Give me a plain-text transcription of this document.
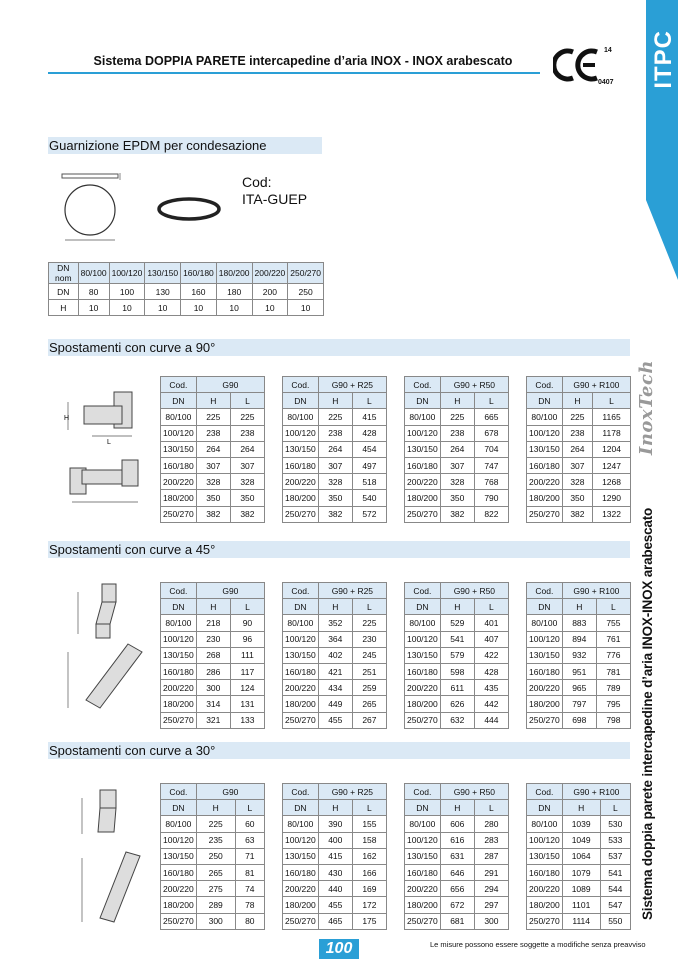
Sistema DOPPIA PARETE intercapedine d’aria INOX - INOX arabescato
14
0407 ITPC
InoxTech
Sistema doppia parete intercapedine d’aria INOX-INOX arabescato
Guarnizione EPDM per condesazione
Cod:
ITA-GUEP
DN nom	80/100	100/120	130/150	160/180	180/200	200/220	250/270
DN	80	100	130	160	180	200	250
H	10	10	10	10	10	10	10
Spostamenti con curve a 90°
Spostamenti con curve a 45°
Spostamenti con curve a 30°
H
L
Cod.	G90	
DN	H	L
80/100	225	225
100/120	238	238
130/150	264	264
160/180	307	307
200/220	328	328
180/200	350	350
250/270	382	382
Cod.	G90 + R25	
DN	H	L
80/100	225	415
100/120	238	428
130/150	264	454
160/180	307	497
200/220	328	518
180/200	350	540
250/270	382	572
Cod.	G90 + R50	
DN	H	L
80/100	225	665
100/120	238	678
130/150	264	704
160/180	307	747
200/220	328	768
180/200	350	790
250/270	382	822
Cod.	G90 + R100	
DN	H	L
80/100	225	1165
100/120	238	1178
130/150	264	1204
160/180	307	1247
200/220	328	1268
180/200	350	1290
250/270	382	1322
Cod.	G90	
DN	H	L
80/100	218	90
100/120	230	96
130/150	268	111
160/180	286	117
200/220	300	124
180/200	314	131
250/270	321	133
Cod.	G90 + R25	
DN	H	L
80/100	352	225
100/120	364	230
130/150	402	245
160/180	421	251
200/220	434	259
180/200	449	265
250/270	455	267
Cod.	G90 + R50	
DN	H	L
80/100	529	401
100/120	541	407
130/150	579	422
160/180	598	428
200/220	611	435
180/200	626	442
250/270	632	444
Cod.	G90 + R100	
DN	H	L
80/100	883	755
100/120	894	761
130/150	932	776
160/180	951	781
200/220	965	789
180/200	797	795
250/270	698	798
Cod.	G90	
DN	H	L
80/100	225	60
100/120	235	63
130/150	250	71
160/180	265	81
200/220	275	74
180/200	289	78
250/270	300	80
Cod.	G90 + R25	
DN	H	L
80/100	390	155
100/120	400	158
130/150	415	162
160/180	430	166
200/220	440	169
180/200	455	172
250/270	465	175
Cod.	G90 + R50	
DN	H	L
80/100	606	280
100/120	616	283
130/150	631	287
160/180	646	291
200/220	656	294
180/200	672	297
250/270	681	300
Cod.	G90 + R100	
DN	H	L
80/100	1039	530
100/120	1049	533
130/150	1064	537
160/180	1079	541
200/220	1089	544
180/200	1101	547
250/270	1114	550
100	Le misure possono essere soggette a modifiche senza preavviso
